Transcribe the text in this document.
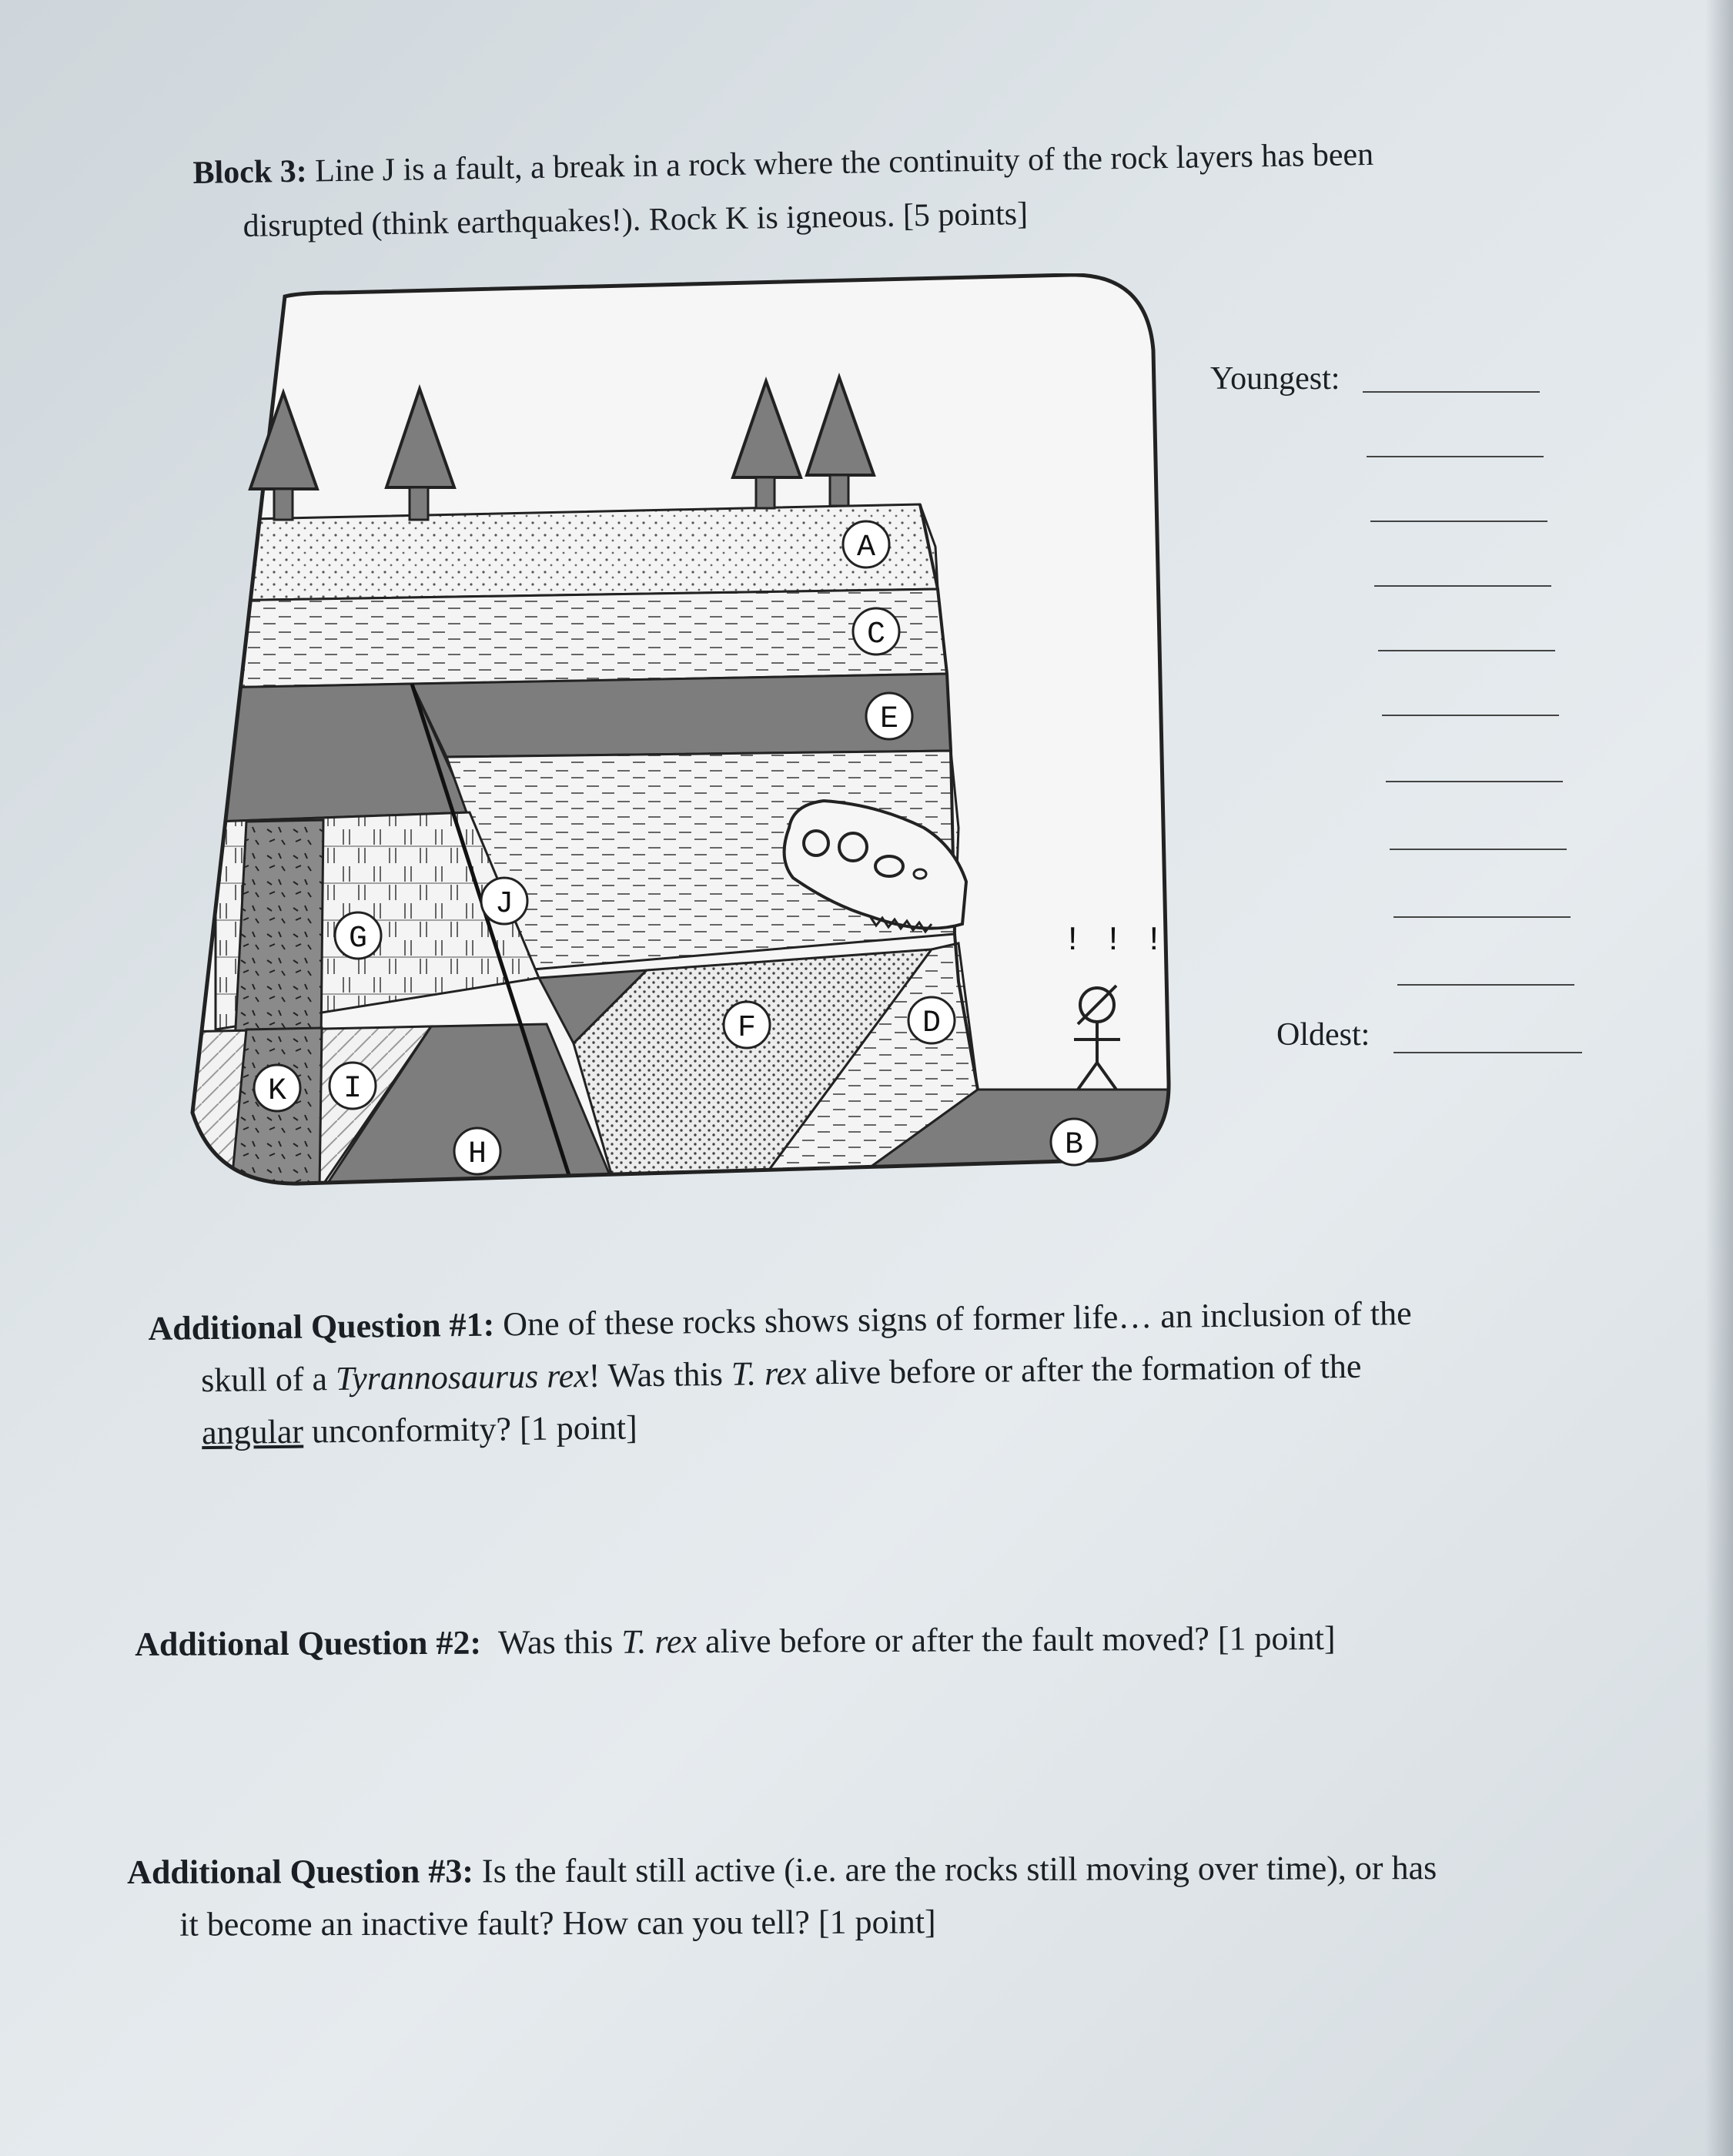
Block 3: Line J is a fault, a break in a rock where the continuity of the rock layers has been
disrupted (think earthquakes!). Rock K is igneous. [5 points]

! ! !
A
C
E
J
G
F	D
K I
H	B
Youngest:
Oldest:

Additional Question #1: One of these rocks shows signs of former life… an inclusion of the
skull of a Tyrannosaurus rex! Was this T. rex alive before or after the formation of the
angular unconformity? [1 point]

Additional Question #2: Was this T. rex alive before or after the fault moved? [1 point]

Additional Question #3: Is the fault still active (i.e. are the rocks still moving over time), or has
it become an inactive fault? How can you tell? [1 point]
